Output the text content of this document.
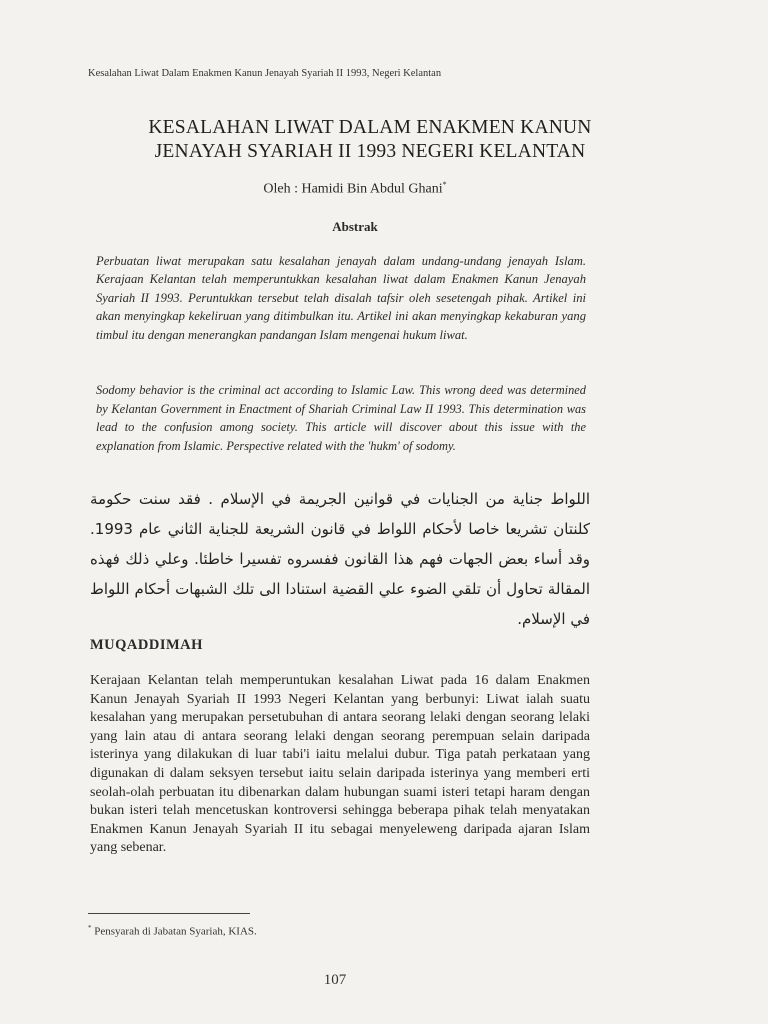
Kesalahan Liwat Dalam Enakmen Kanun Jenayah Syariah II 1993, Negeri Kelantan
KESALAHAN LIWAT DALAM ENAKMEN KANUN
JENAYAH SYARIAH II 1993 NEGERI KELANTAN
Oleh : Hamidi Bin Abdul Ghani*
Abstrak
Perbuatan liwat merupakan satu kesalahan jenayah dalam undang-undang jenayah Islam. Kerajaan Kelantan telah memperuntukkan kesalahan liwat dalam Enakmen Kanun Jenayah Syariah II 1993. Peruntukkan tersebut telah disalah tafsir oleh sesetengah pihak. Artikel ini akan menyingkap kekeliruan yang ditimbulkan itu. Artikel ini akan menyingkap kekaburan yang timbul itu dengan menerangkan pandangan Islam mengenai hukum liwat.
Sodomy behavior is the criminal act according to Islamic Law. This wrong deed was determined by Kelantan Government in Enactment of Shariah Criminal Law II 1993. This determination was lead to the confusion among society. This article will discover about this issue with the explanation from Islamic. Perspective related with the 'hukm' of sodomy.
اللواط جناية من الجنايات في قوانين الجريمة في الإسلام . فقد سنت حكومة كلنتان تشريعا خاصا لأحكام اللواط في قانون الشريعة للجناية الثاني عام 1993. وقد أساء بعض الجهات فهم هذا القانون ففسروه تفسيرا خاطئا. وعلي ذلك فهذه المقالة تحاول أن تلقي الضوء علي القضية استنادا الى تلك الشبهات أحكام اللواط في الإسلام.
MUQADDIMAH
Kerajaan Kelantan telah memperuntukan kesalahan Liwat pada 16 dalam Enakmen Kanun Jenayah Syariah II 1993 Negeri Kelantan yang berbunyi: Liwat ialah suatu kesalahan yang merupakan persetubuhan di antara seorang lelaki dengan seorang lelaki yang lain atau di antara seorang lelaki dengan seorang perempuan selain daripada isterinya yang dilakukan di luar tabi'i iaitu melalui dubur. Tiga patah perkataan yang digunakan di dalam seksyen tersebut iaitu selain daripada isterinya yang memberi erti seolah-olah perbuatan itu dibenarkan dalam hubungan suami isteri tetapi haram dengan bukan isteri telah mencetuskan kontroversi sehingga beberapa pihak telah menyatakan Enakmen Kanun Jenayah Syariah II itu sebagai menyeleweng daripada ajaran Islam yang sebenar.
* Pensyarah di Jabatan Syariah, KIAS.
107
